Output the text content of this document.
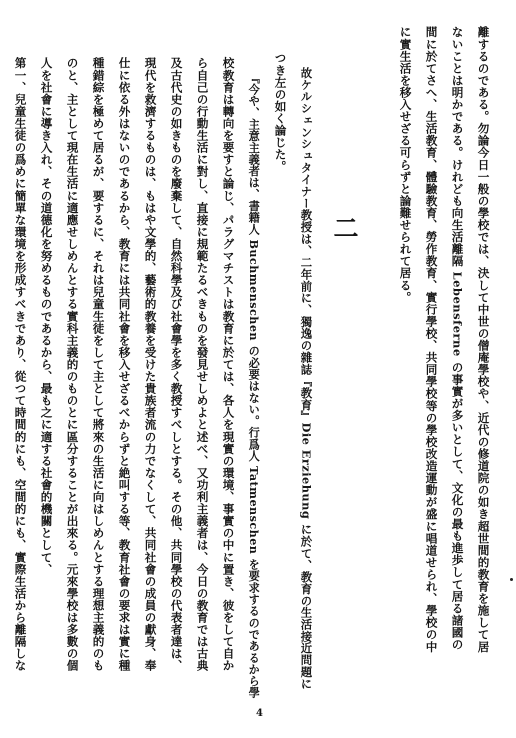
離するのである。勿論今日一般の學校では、決して中世の僧庵學校や、近代の修道院の如き超世間的教育を施して居
ないことは明かである。けれども向生活離隔 Lebensferne の事實が多いとして、文化の最も進歩して居る諸國の
間に於てさへ、生活教育、體驗教育、勞作教育、實行學校、共同學校等の學校改造運動が盛に唱道せられ、學校の中
に實生活を移入せざる可らずと論難せられて居る。
二
故ケルシェンシュタイナー教授は、二年前に、獨逸の雜誌『教育』Die Erziehung に於て、教育の生活接近問題に
つき左の如く論じた。
『今や、主意主義者は、書籍人 Buchmenschen の必要はない。行爲人 Tatmenschen を要求するのであるから學
校教育は轉向を要すと論じ、パラグマチストは教育に於ては、各人を現實の環境、事實の中に置き、彼をして自か
ら自己の行動生活に對し、直接に規範たるべきものを發見せしめよと述べ、又功利主義者は、今日の教育では古典
及古代史の如きものを廢棄して、自然科學及び社會學を多く教授すべしとする。その他、共同學校の代表者達は、
現代を救濟するものは、もはや文學的、藝術的教養を受けた貴族者流の力でなくして、共同社會の成員の獻身、奉
仕に依る外はないのであるから、教育には共同社會を移入せざるべからずと絶叫する等、教育社會の要求は實に種
種錯綜を極めて居るが、要するに、それは兒童生徒をして主として將來の生活に向はしめんとする理想主義的のも
のと、主として現在生活に適應せしめんとする實科主義的のものとに區分することが出來る。元來學校は多數の個
人を社會に導き入れ、その道德化を努めるものであるから、最も之に適する社會的機關として、
第一、兒童生徒の爲めに簡單な環境を形成すべきであり、從つて時間的にも、空間的にも、實際生活から離隔しな
4
